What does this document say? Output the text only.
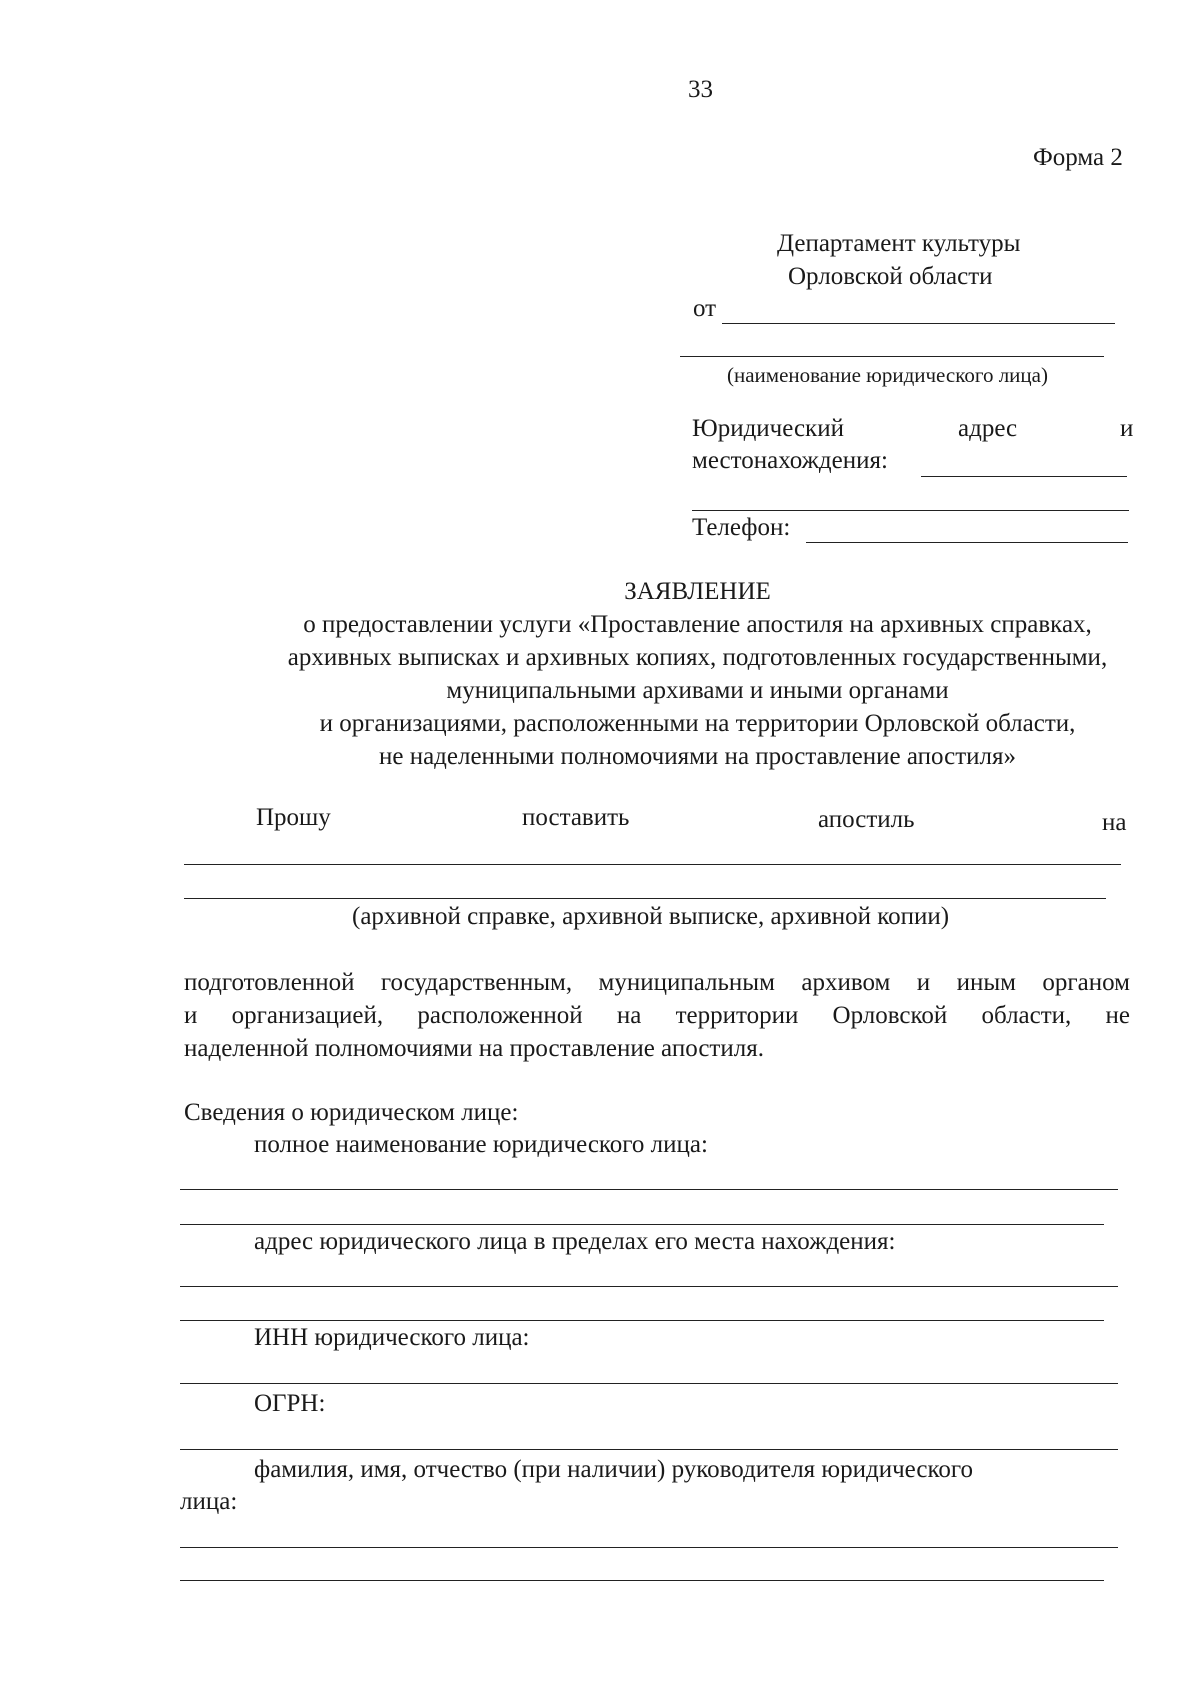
33
Форма 2
Департамент культуры
Орловской области
от
(наименование юридического лица)
Юридический	адрес	и
местонахождения:
Телефон:
ЗАЯВЛЕНИЕ
о предоставлении услуги «Проставление апостиля на архивных справках,
архивных выписках и архивных копиях, подготовленных государственными,
муниципальными архивами и иными органами
и организациями, расположенными на территории Орловской области,
не наделенными полномочиями на проставление апостиля»
Прошу	поставить	апостиль	на
(архивной справке, архивной выписке, архивной копии)
подготовленной государственным, муниципальным архивом и иным органом
и организацией, расположенной на территории Орловской области, не
наделенной полномочиями на проставление апостиля.
Сведения о юридическом лице:
полное наименование юридического лица:
адрес юридического лица в пределах его места нахождения:
ИНН юридического лица:
ОГРН:
фамилия, имя, отчество (при наличии) руководителя юридического
лица:
